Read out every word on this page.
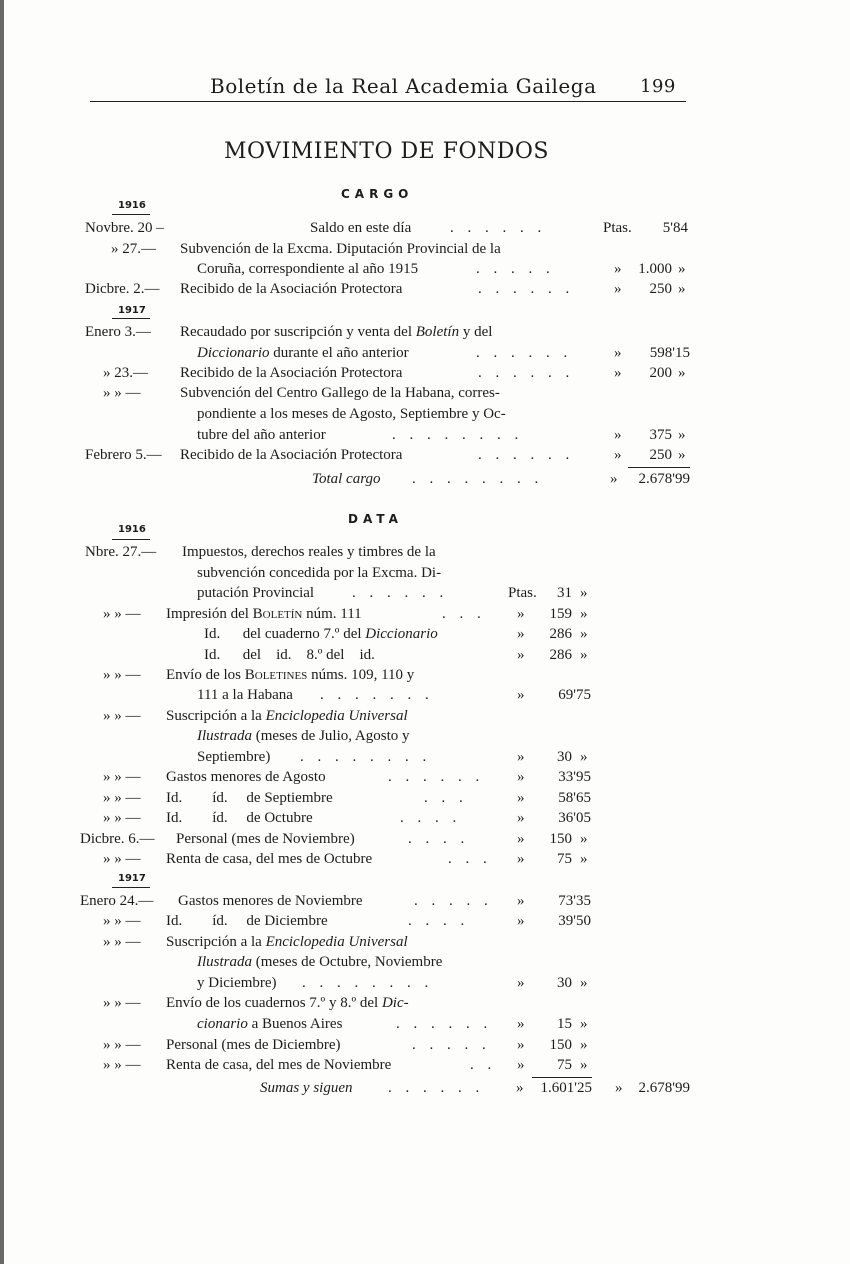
Boletín de la Real Academia Gailega 199
MOVIMIENTO DE FONDOS
CARGO
1916
Novbre. 20 –	Saldo en este día	. . . . . .	Ptas.	5'84
» 27.— Subvención de la Excma. Diputación Provincial de la
Coruña, correspondiente al año 1915	. . . . .	»	1.000 »
Dicbre. 2.— Recibido de la Asociación Protectora	. . . . . .	»	250 »
1917
Enero 3.— Recaudado por suscripción y venta del Boletín y del
Diccionario durante el año anterior	. . . . . .	»	598'15
» 23.— Recibido de la Asociación Protectora	. . . . . .	»	200 »
» » —	Subvención del Centro Gallego de la Habana, corres-
pondiente a los meses de Agosto, Septiembre y Oc-
tubre del año anterior	. . . . . . . .	»	375 »
Febrero 5.— Recibido de la Asociación Protectora	. . . . . .	»	250 »
Total cargo . . . . . . . .	»	2.678'99
DATA
1916
Nbre. 27.— Impuestos, derechos reales y timbres de la
subvención concedida por la Excma. Di-
putación Provincial	. . . . . .	Ptas.	31 »
» » — Impresión del Boletín núm. 111	. . . »	159 »
Id.      del cuaderno 7.º del Diccionario	»	286 »
Id.      del    id.    8.º del    id.	»	286 »
» » — Envío de los Boletines núms. 109, 110 y
111 a la Habana . . . . . . .	»	69'75
» » — Suscripción a la Enciclopedia Universal
Ilustrada (meses de Julio, Agosto y
Septiembre) . . . . . . . .	»	30 »
» » — Gastos menores de Agosto	. . . . . . »	33'95
» » — Id.        íd.     de Septiembre	. . .	»	58'65
» » — Id.        íd.     de Octubre	. . . .	»	36'05
Dicbre. 6.— Personal (mes de Noviembre)	. . . .	»	150 »
» » — Renta de casa, del mes de Octubre	. . . »	75 »
1917
Enero 24.— Gastos menores de Noviembre	. . . . . »	73'35
» » — Id.        íd.     de Diciembre	. . . .	»	39'50
» » — Suscripción a la Enciclopedia Universal
Ilustrada (meses de Octubre, Noviembre
y Diciembre) . . . . . . . .	»	30 »
» » — Envío de los cuadernos 7.º y 8.º del Dic-
cionario a Buenos Aires	. . . . . . »	15 »
» » — Personal (mes de Diciembre)	. . . . . »	150 »
» » — Renta de casa, del mes de Noviembre	. . »	75 »
Sumas y siguen . . . . . . »	1.601'25 »	2.678'99
